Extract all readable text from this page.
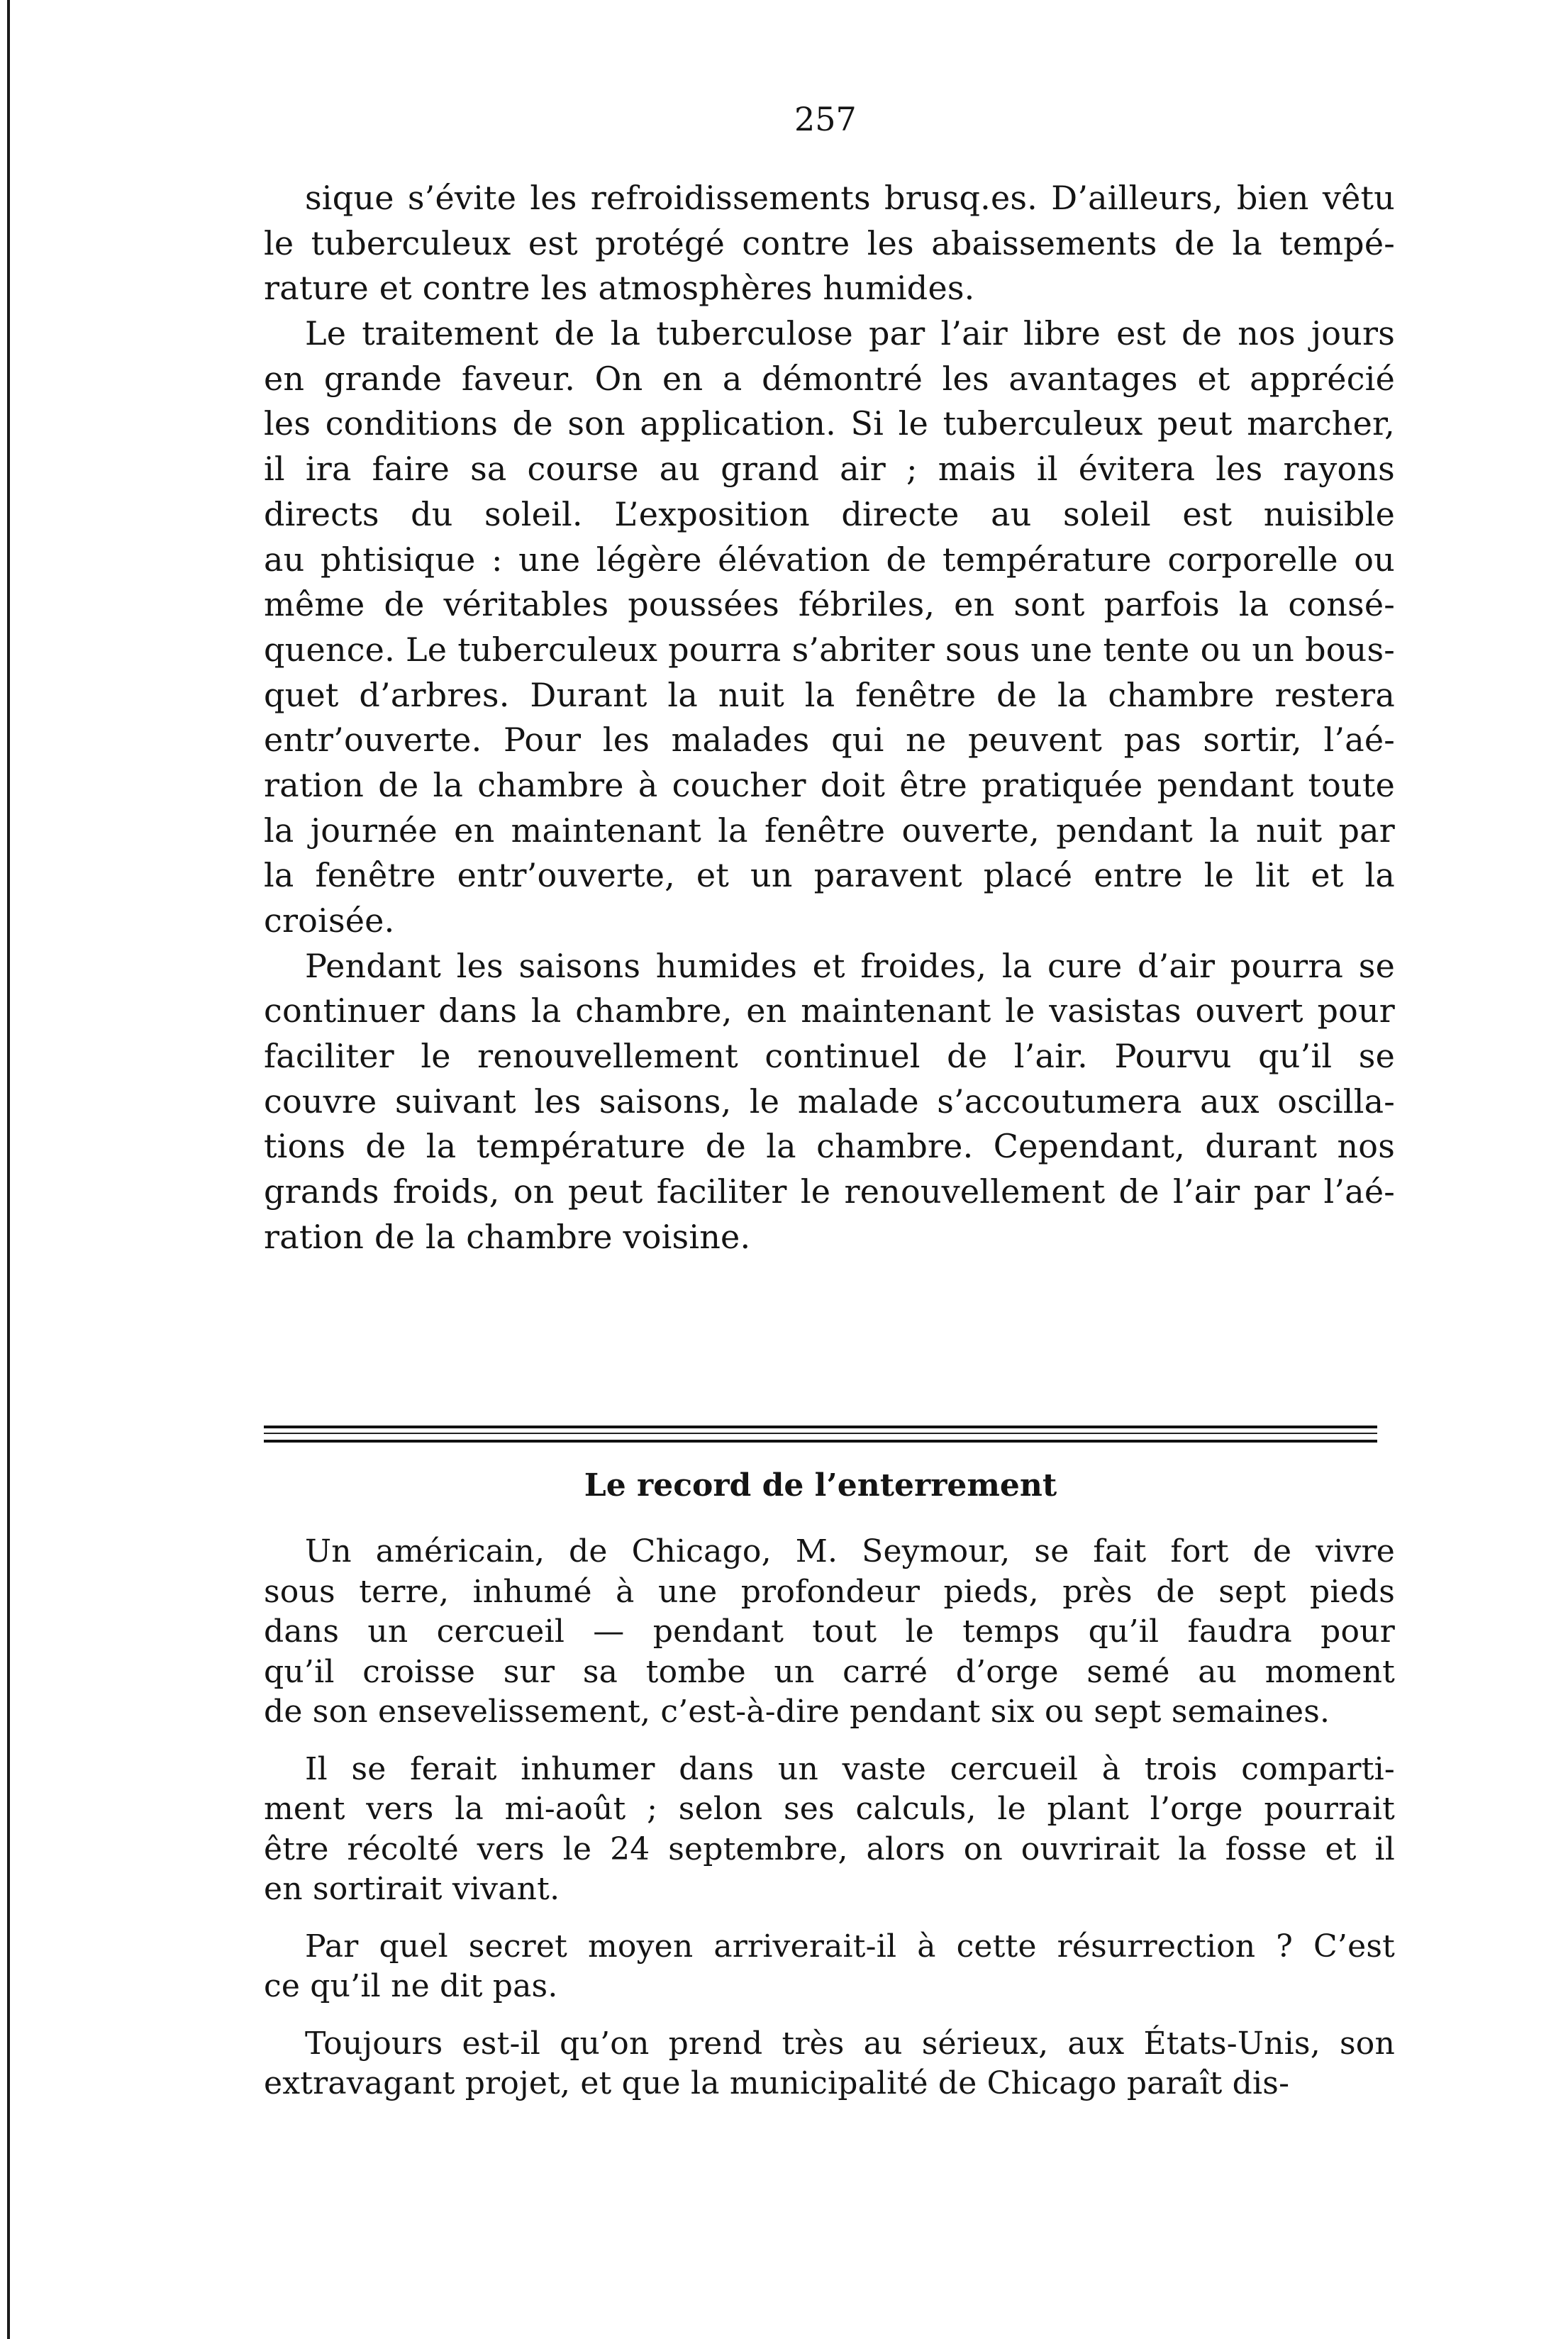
257
sique s’évite les refroidissements brusq.es. D’ailleurs, bien vêtu
le tuberculeux est protégé contre les abaissements de la tempé-
rature et contre les atmosphères humides.
Le traitement de la tuberculose par l’air libre est de nos jours
en grande faveur. On en a démontré les avantages et apprécié
les conditions de son application. Si le tuberculeux peut marcher,
il ira faire sa course au grand air ; mais il évitera les rayons
directs du soleil. L’exposition directe au soleil est nuisible
au phtisique : une légère élévation de température corporelle ou
même de véritables poussées fébriles, en sont parfois la consé-
quence. Le tuberculeux pourra s’abriter sous une tente ou un bous-
quet d’arbres. Durant la nuit la fenêtre de la chambre restera
entr’ouverte. Pour les malades qui ne peuvent pas sortir, l’aé-
ration de la chambre à coucher doit être pratiquée pendant toute
la journée en maintenant la fenêtre ouverte, pendant la nuit par
la fenêtre entr’ouverte, et un paravent placé entre le lit et la
croisée.
Pendant les saisons humides et froides, la cure d’air pourra se
continuer dans la chambre, en maintenant le vasistas ouvert pour
faciliter le renouvellement continuel de l’air. Pourvu qu’il se
couvre suivant les saisons, le malade s’accoutumera aux oscilla-
tions de la température de la chambre. Cependant, durant nos
grands froids, on peut faciliter le renouvellement de l’air par l’aé-
ration de la chambre voisine.
Le record de l’enterrement
Un américain, de Chicago, M. Seymour, se fait fort de vivre
sous terre, inhumé à une profondeur pieds, près de sept pieds
dans un cercueil — pendant tout le temps qu’il faudra pour
qu’il croisse sur sa tombe un carré d’orge semé au moment
de son ensevelissement, c’est-à-dire pendant six ou sept semaines.
Il se ferait inhumer dans un vaste cercueil à trois comparti-
ment vers la mi-août ; selon ses calculs, le plant l’orge pourrait
être récolté vers le 24 septembre, alors on ouvrirait la fosse et il
en sortirait vivant.
Par quel secret moyen arriverait-il à cette résurrection ? C’est
ce qu’il ne dit pas.
Toujours est-il qu’on prend très au sérieux, aux États-Unis, son
extravagant projet, et que la municipalité de Chicago paraît dis-
